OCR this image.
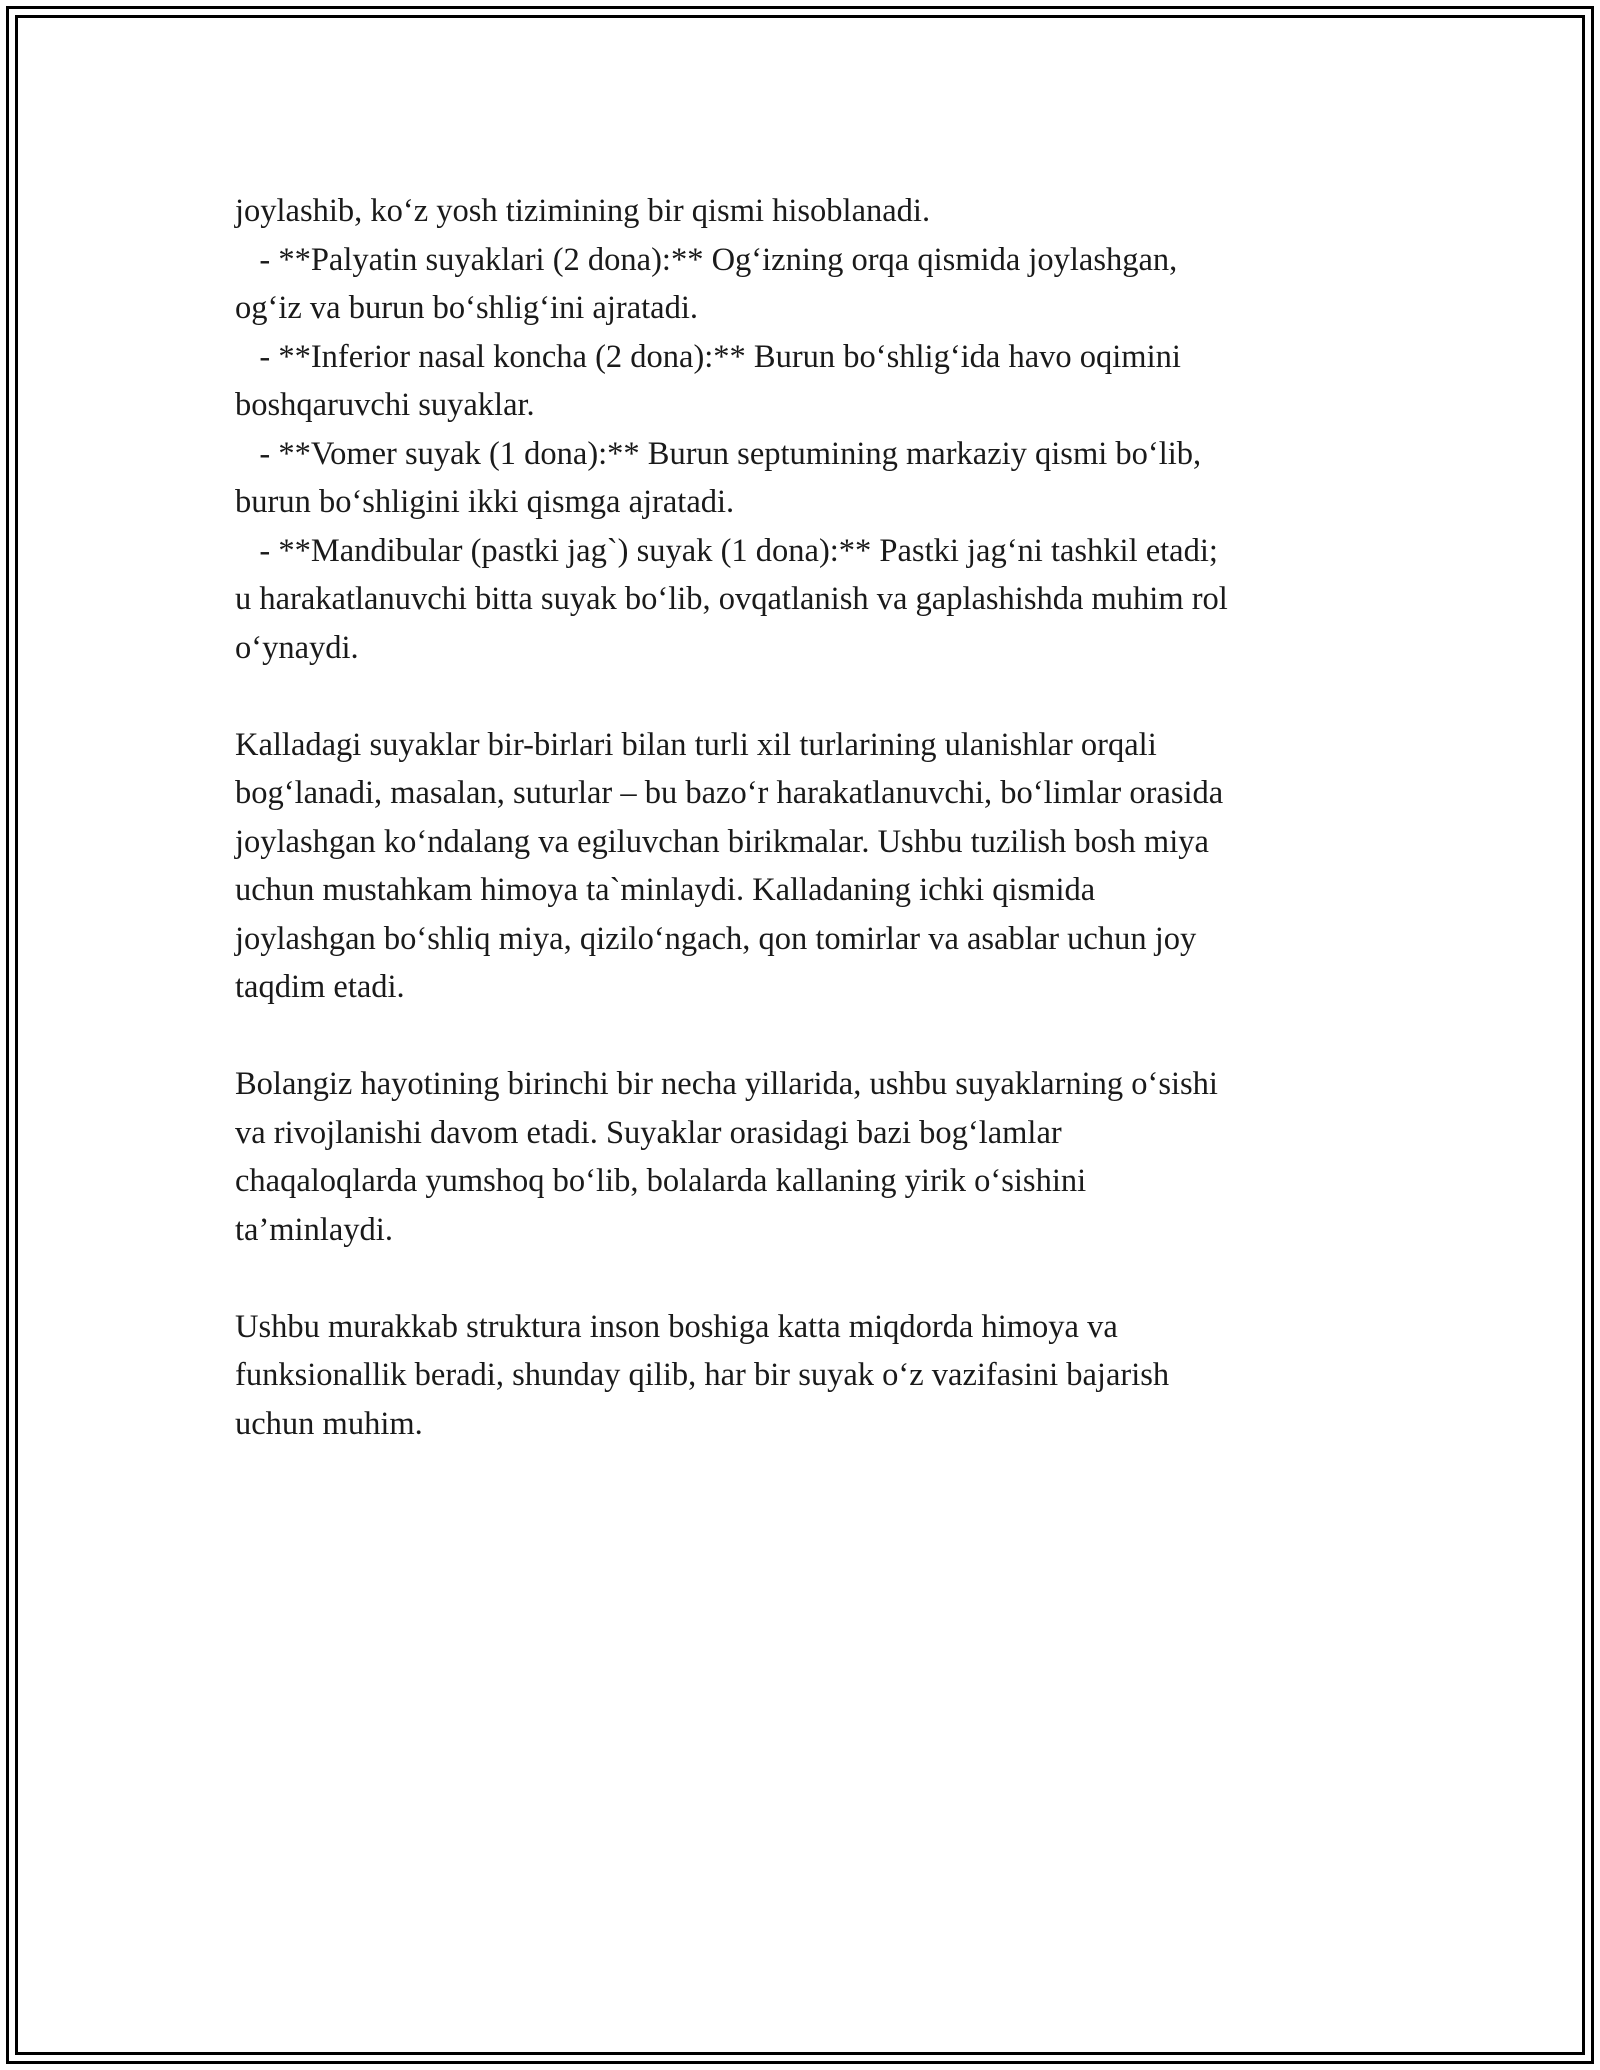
joylashib, ko‘z yosh tizimining bir qismi hisoblanadi.
- **Palyatin suyaklari (2 dona):** Og‘izning orqa qismida joylashgan,
og‘iz va burun bo‘shlig‘ini ajratadi.
- **Inferior nasal koncha (2 dona):** Burun bo‘shlig‘ida havo oqimini
boshqaruvchi suyaklar.
- **Vomer suyak (1 dona):** Burun septumining markaziy qismi bo‘lib,
burun bo‘shligini ikki qismga ajratadi.
- **Mandibular (pastki jag`) suyak (1 dona):** Pastki jag‘ni tashkil etadi;
u harakatlanuvchi bitta suyak bo‘lib, ovqatlanish va gaplashishda muhim rol
o‘ynaydi.
Kalladagi suyaklar bir-birlari bilan turli xil turlarining ulanishlar orqali
bog‘lanadi, masalan, suturlar – bu bazo‘r harakatlanuvchi, bo‘limlar orasida
joylashgan ko‘ndalang va egiluvchan birikmalar. Ushbu tuzilish bosh miya
uchun mustahkam himoya ta`minlaydi. Kalladaning ichki qismida
joylashgan bo‘shliq miya, qizilo‘ngach, qon tomirlar va asablar uchun joy
taqdim etadi.
Bolangiz hayotining birinchi bir necha yillarida, ushbu suyaklarning o‘sishi
va rivojlanishi davom etadi. Suyaklar orasidagi bazi bog‘lamlar
chaqaloqlarda yumshoq bo‘lib, bolalarda kallaning yirik o‘sishini
ta’minlaydi.
Ushbu murakkab struktura inson boshiga katta miqdorda himoya va
funksionallik beradi, shunday qilib, har bir suyak o‘z vazifasini bajarish
uchun muhim.
